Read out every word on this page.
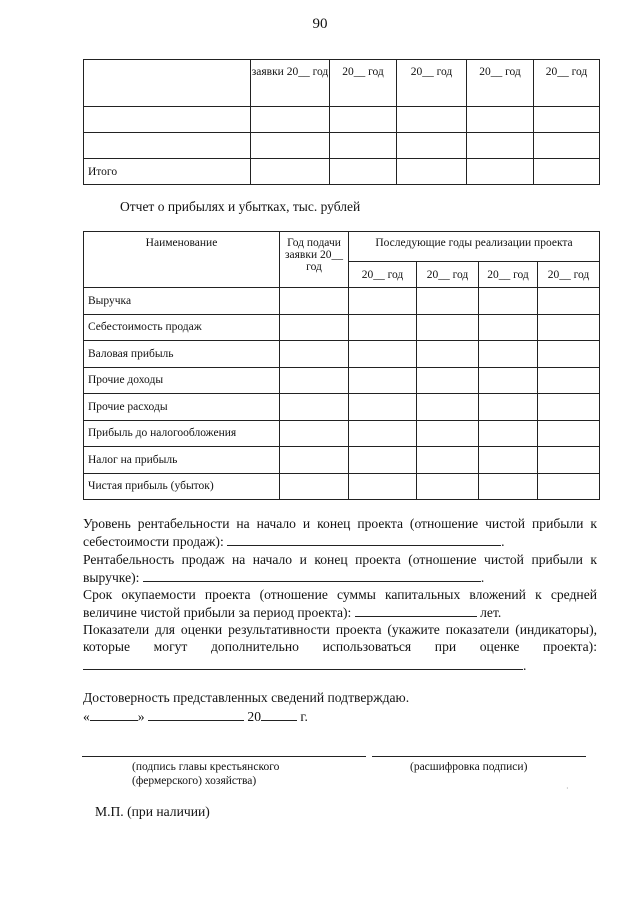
90
	заявки 20__ год	20__ год	20__ год	20__ год	20__ год

Итого					
Отчет о прибылях и убытках, тыс. рублей
Наименование	Год подачи заявки 20__ год	Последующие годы реализации проекта			
		20__ год	20__ год	20__ год	20__ год
Выручка					
Себестоимость продаж					
Валовая прибыль					
Прочие доходы					
Прочие расходы					
Прибыль до налогообложения					
Налог на прибыль					
Чистая прибыль (убыток)					
Уровень рентабельности на начало и конец проекта (отношение чистой прибыли к себестоимости продаж):	.
Рентабельность продаж на начало и конец проекта (отношение чистой прибыли к выручке):	.
Срок окупаемости проекта (отношение суммы капитальных вложений к средней величине чистой прибыли за период проекта):	лет.
Показатели для оценки результативности проекта (укажите показатели (индикаторы), которые могут дополнительно использоваться при оценке проекта): .
Достоверность представленных сведений подтверждаю.
«	»	20	г.
(подпись главы крестьянского (фермерского) хозяйства)
(расшифровка подписи)
М.П. (при наличии)
·
